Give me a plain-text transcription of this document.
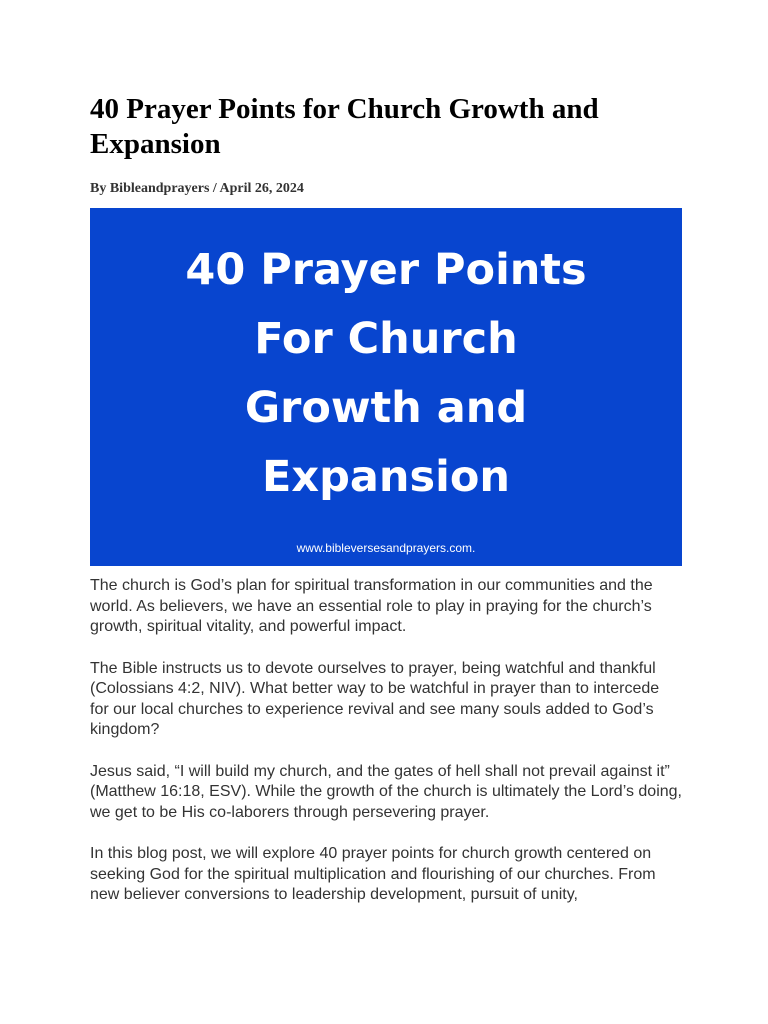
40 Prayer Points for Church Growth and Expansion
By Bibleandprayers / April 26, 2024
40 Prayer Points
For Church
Growth and
Expansion
www.bibleversesandprayers.com.

The church is God’s plan for spiritual transformation in our communities and the world. As believers, we have an essential role to play in praying for the church’s growth, spiritual vitality, and powerful impact.

The Bible instructs us to devote ourselves to prayer, being watchful and thankful (Colossians 4:2, NIV). What better way to be watchful in prayer than to intercede for our local churches to experience revival and see many souls added to God’s kingdom?

Jesus said, “I will build my church, and the gates of hell shall not prevail against it” (Matthew 16:18, ESV). While the growth of the church is ultimately the Lord’s doing, we get to be His co-laborers through persevering prayer.

In this blog post, we will explore 40 prayer points for church growth centered on seeking God for the spiritual multiplication and flourishing of our churches. From new believer conversions to leadership development, pursuit of unity,
